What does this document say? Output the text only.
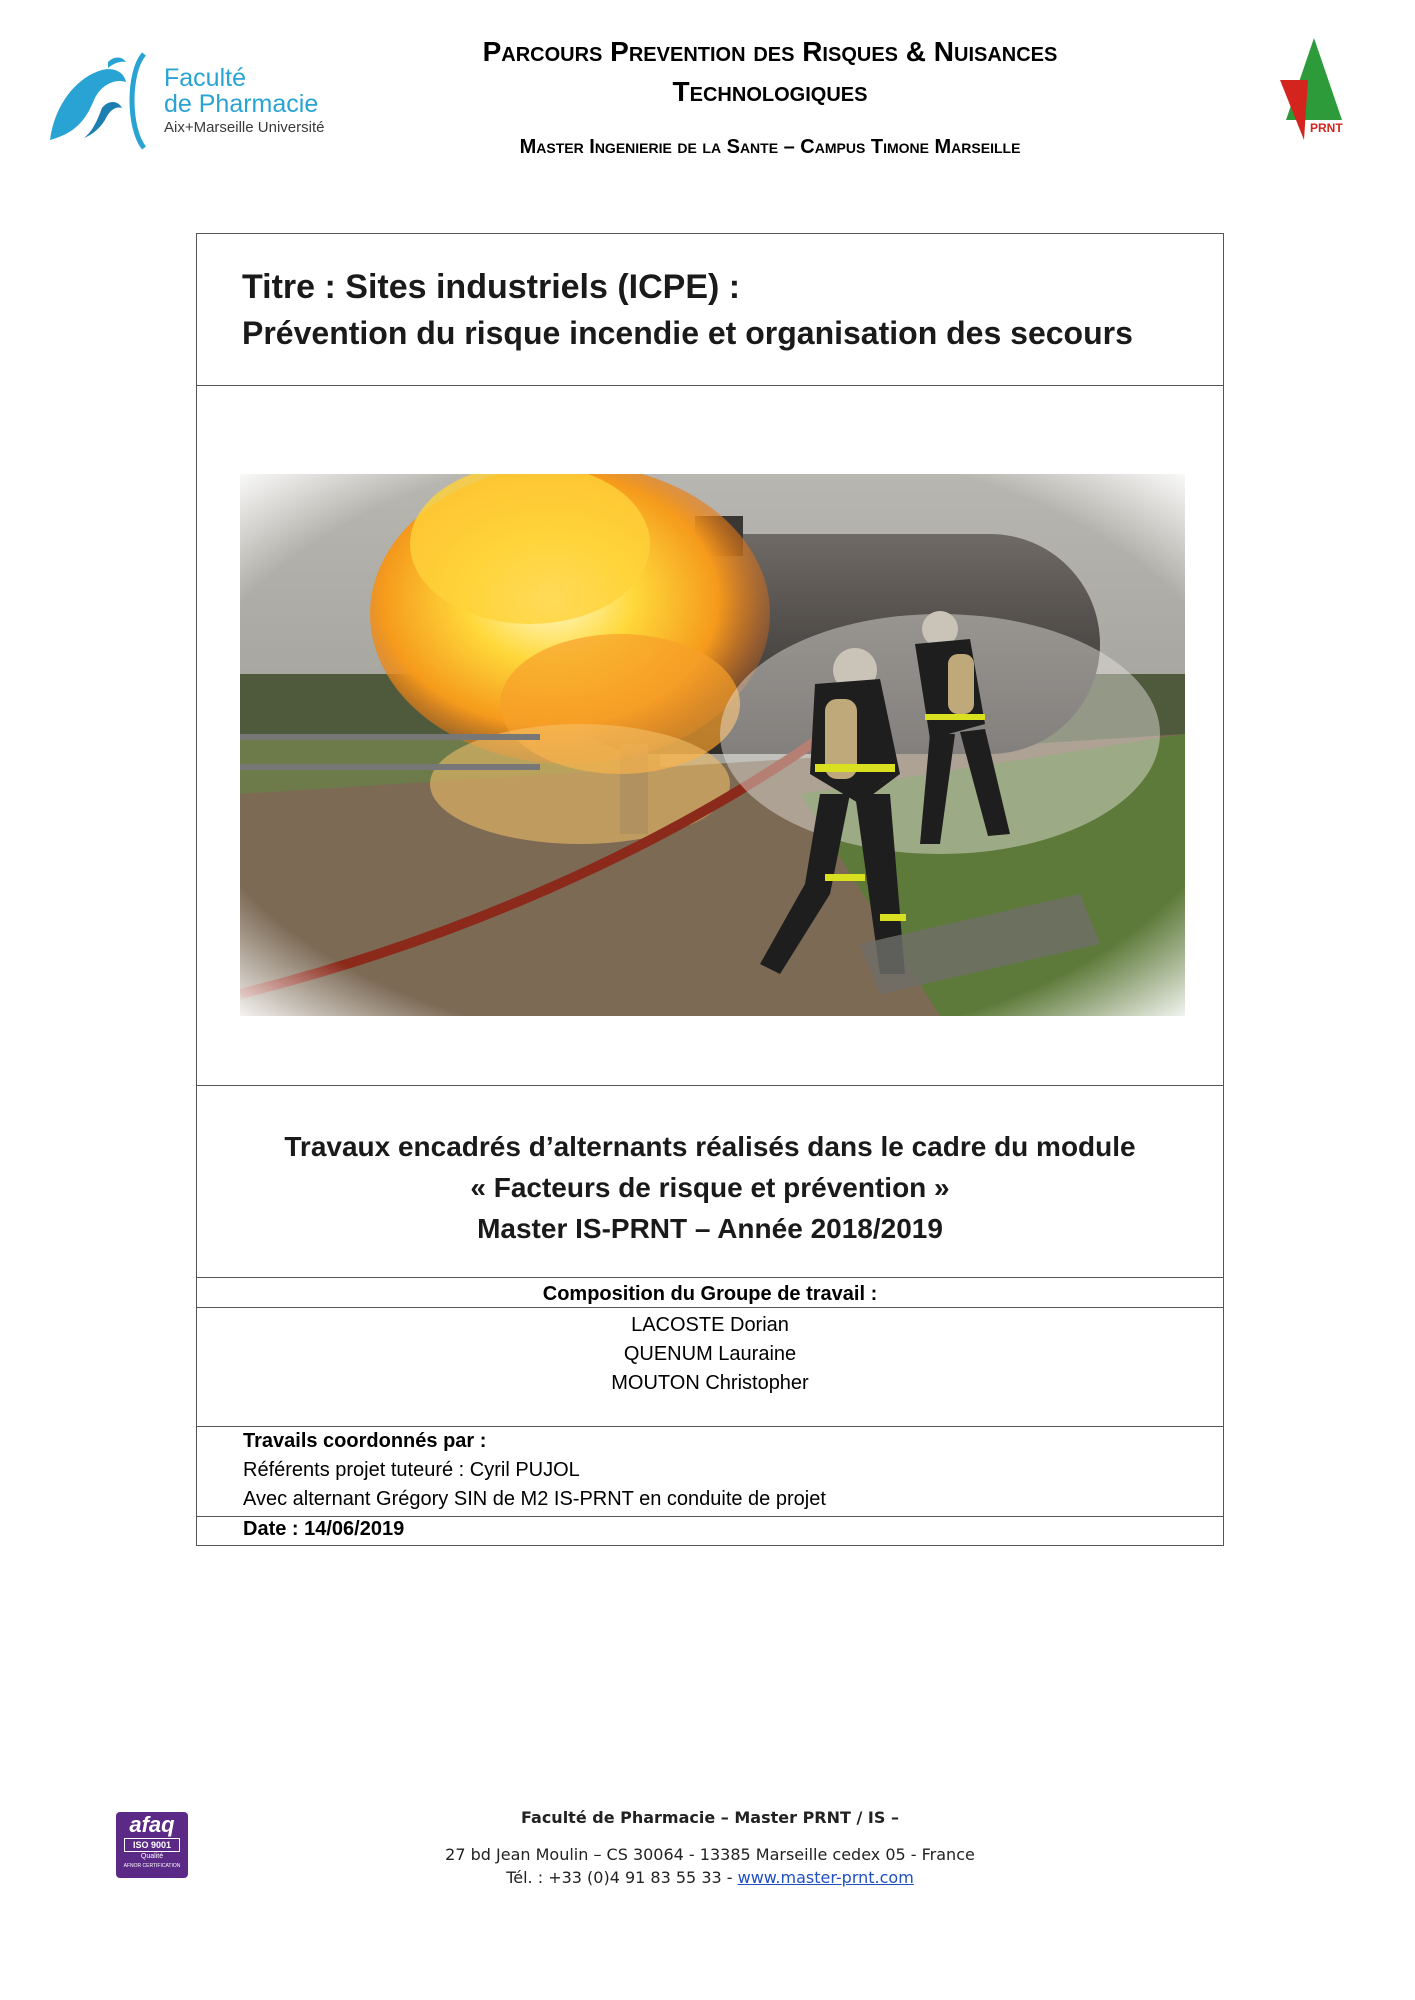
Faculté
de Pharmacie
Aix+Marseille Université
Parcours Prevention des Risques & Nuisances
Technologiques
Master Ingenierie de la Sante – Campus Timone Marseille
PRNT
Titre : Sites industriels (ICPE) :
Prévention du risque incendie et organisation des secours
Travaux encadrés d’alternants réalisés dans le cadre du module
« Facteurs de risque et prévention »
Master IS-PRNT – Année 2018/2019
Composition du Groupe de travail :
LACOSTE Dorian
QUENUM Lauraine
MOUTON Christopher
Travails coordonnés par :
Référents projet tuteuré : Cyril PUJOL
Avec alternant Grégory SIN de M2 IS-PRNT en conduite de projet
Date : 14/06/2019
afaq
ISO 9001
Qualité
AFNOR CERTIFICATION
Faculté de Pharmacie – Master PRNT / IS –
27 bd Jean Moulin – CS 30064 - 13385 Marseille cedex 05 - France
Tél. : +33 (0)4 91 83 55 33 - www.master-prnt.com
